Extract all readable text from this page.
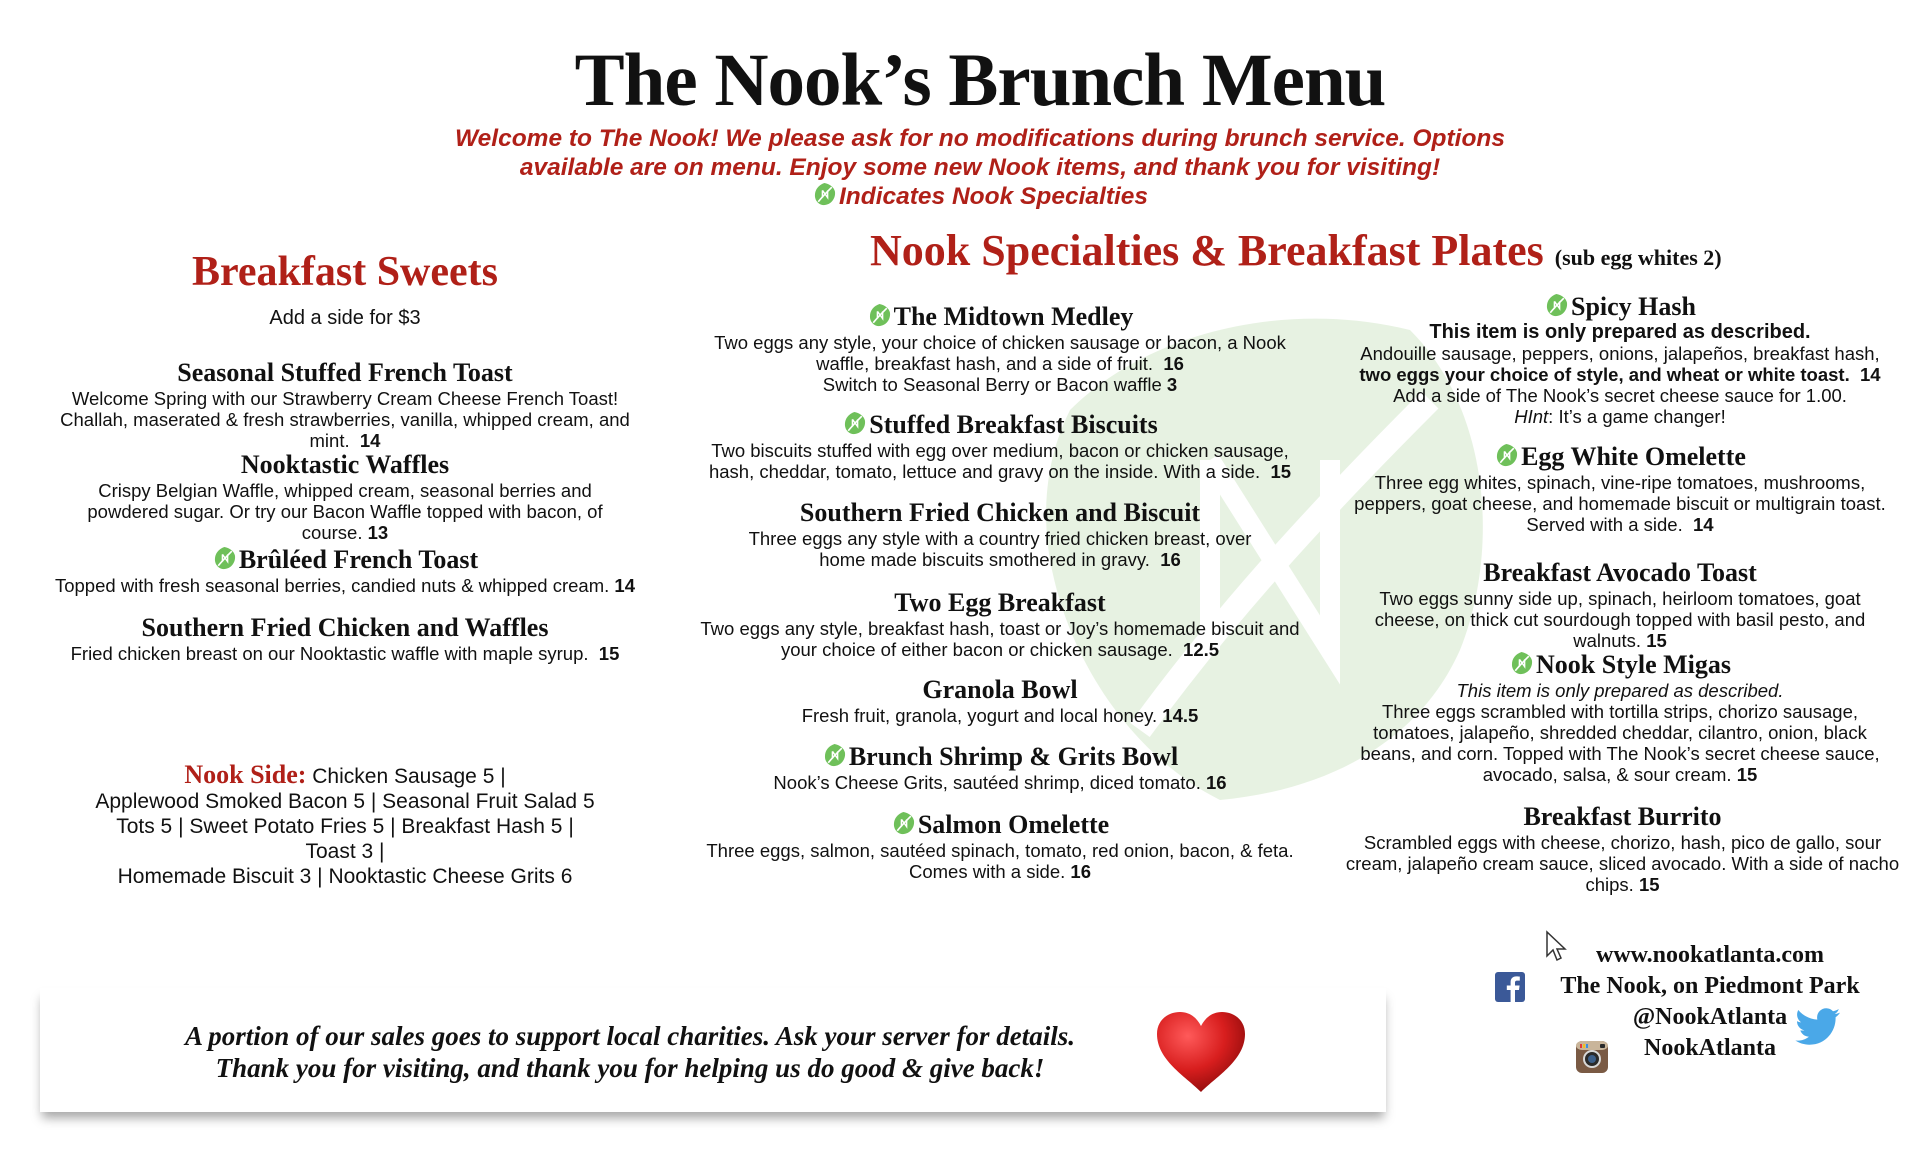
The Nook’s Brunch Menu
Welcome to The Nook! We please ask for no modifications during brunch service. Options
available are on menu. Enjoy some new Nook items, and thank you for visiting!
Indicates Nook Specialties
Breakfast Sweets
Add a side for $3
Seasonal Stuffed French Toast

Welcome Spring with our Strawberry Cream Cheese French Toast! Challah, maserated & fresh strawberries, vanilla, whipped cream, and mint. 14

Nooktastic Waffles

Crispy Belgian Waffle, whipped cream, seasonal berries and powdered sugar. Or try our Bacon Waffle topped with bacon, of course. 13

Brûléed French Toast

Topped with fresh seasonal berries, candied nuts & whipped cream. 14

Southern Fried Chicken and Waffles

Fried chicken breast on our Nooktastic waffle with maple syrup. 15

Nook Side: Chicken Sausage 5 |
Applewood Smoked Bacon 5 | Seasonal Fruit Salad 5
Tots 5 | Sweet Potato Fries 5 | Breakfast Hash 5 | Toast 3 |
Homemade Biscuit 3 | Nooktastic Cheese Grits 6
Nook Specialties & Breakfast Plates (sub egg whites 2)
The Midtown Medley

Two eggs any style, your choice of chicken sausage or bacon, a Nook waffle, breakfast hash, and a side of fruit. 16

Switch to Seasonal Berry or Bacon waffle 3

Stuffed Breakfast Biscuits

Two biscuits stuffed with egg over medium, bacon or chicken sausage, hash, cheddar, tomato, lettuce and gravy on the inside. With a side. 15

Southern Fried Chicken and Biscuit

Three eggs any style with a country fried chicken breast, over home made biscuits smothered in gravy. 16

Two Egg Breakfast

Two eggs any style, breakfast hash, toast or Joy’s homemade biscuit and your choice of either bacon or chicken sausage. 12.5

Granola Bowl

Fresh fruit, granola, yogurt and local honey. 14.5

Brunch Shrimp & Grits Bowl

Nook’s Cheese Grits, sautéed shrimp, diced tomato. 16

Salmon Omelette

Three eggs, salmon, sautéed spinach, tomato, red onion, bacon, & feta. Comes with a side. 16

Spicy Hash

This item is only prepared as described.

Andouille sausage, peppers, onions, jalapeños, breakfast hash, two eggs your choice of style, and wheat or white toast. 14

Add a side of The Nook’s secret cheese sauce for 1.00.

HInt: It’s a game changer!

Egg White Omelette

Three egg whites, spinach, vine-ripe tomatoes, mushrooms, peppers, goat cheese, and homemade biscuit or multigrain toast. Served with a side. 14

Breakfast Avocado Toast

Two eggs sunny side up, spinach, heirloom tomatoes, goat cheese, on thick cut sourdough topped with basil pesto, and walnuts. 15

Nook Style Migas

This item is only prepared as described.

Three eggs scrambled with tortilla strips, chorizo sausage, tomatoes, jalapeño, shredded cheddar, cilantro, onion, black beans, and corn. Topped with The Nook’s secret cheese sauce, avocado, salsa, & sour cream. 15

Breakfast Burrito

Scrambled eggs with cheese, chorizo, hash, pico de gallo, sour cream, jalapeño cream sauce, sliced avocado. With a side of nacho chips. 15

A portion of our sales goes to support local charities. Ask your server for details.
Thank you for visiting, and thank you for helping us do good & give back!
www.nookatlanta.com
The Nook, on Piedmont Park
@NookAtlanta
NookAtlanta
